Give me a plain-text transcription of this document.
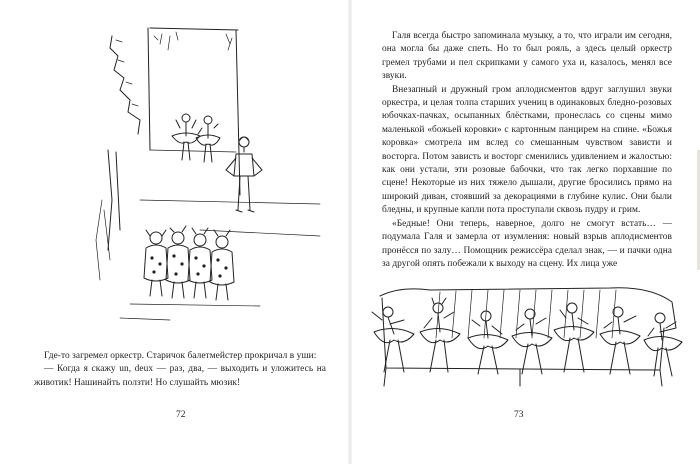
Где-то загремел оркестр. Старичок балетмейстер прокричал в уши:

— Когда я скажу un, deux — раз, два, — выходить и уложитесь на животик! Нашинайть ползти! Но слушайть мюзик!

72	73

Галя всегда быстро запоминала музыку, а то, что играли им сегодня, она могла бы даже спеть. Но то был рояль, а здесь целый оркестр гремел трубами и пел скрипками у самого уха и, казалось, менял все звуки.

Внезапный и дружный гром аплодисментов вдруг заглушил звуки оркестра, и целая толпа старших учениц в одинаковых бледно-розовых юбочках-пачках, осыпанных блёстками, пронеслась со сцены мимо маленькой «божьей коровки» с картонным панцирем на спине. «Божья коровка» смотрела им вслед со смешанным чувством зависти и восторга. Потом зависть и восторг сменились удивлением и жалостью: как они устали, эти розовые бабочки, что так легко порхавшие по сцене! Некоторые из них тяжело дышали, другие бросились прямо на широкий диван, стоявший за декорациями в глубине кулис. Они были бледны, и крупные капли пота проступали сквозь пудру и грим.

«Бедные! Они теперь, наверное, долго не смогут встать… — подумала Галя и замерла от изумления: новый взрыв аплодисментов пронёсся по залу… Помощник режиссёра сделал знак, — и пачки одна за другой опять побежали к выходу на сцену. Их лица уже
